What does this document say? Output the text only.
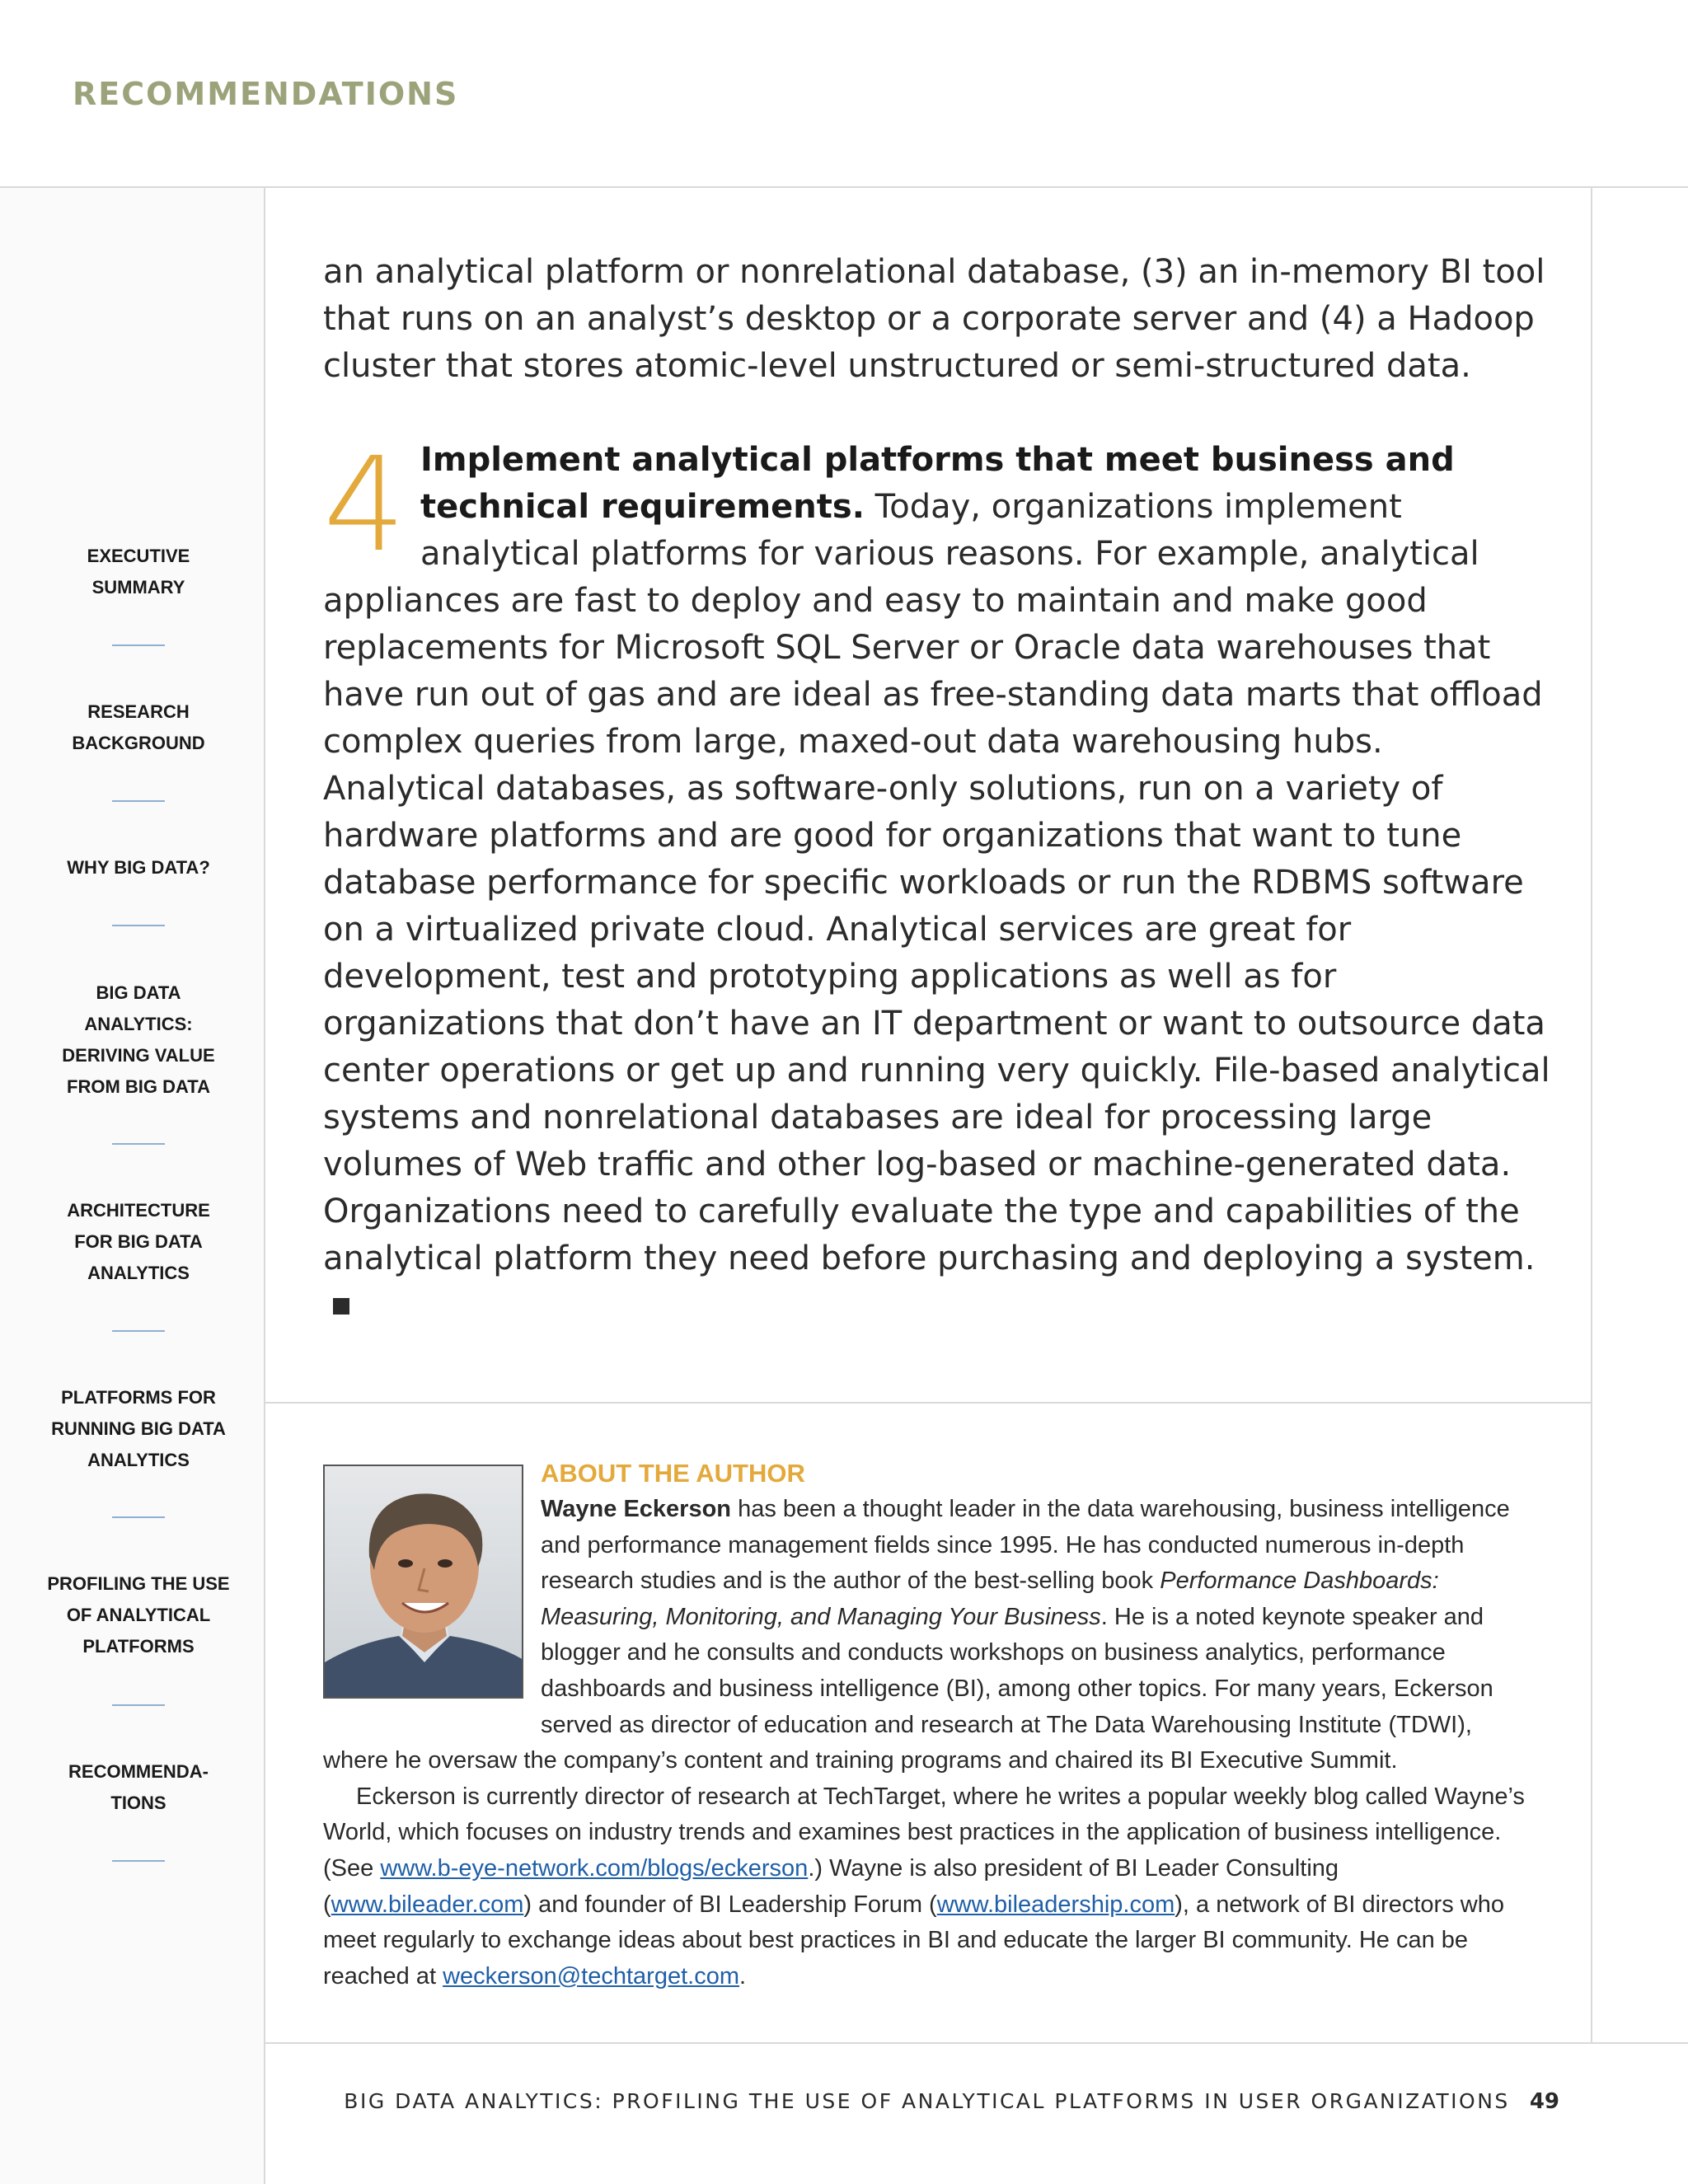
RECOMMENDATIONS
EXECUTIVE
SUMMARY
RESEARCH
BACKGROUND
WHY BIG DATA?
BIG DATA
ANALYTICS:
DERIVING VALUE
FROM BIG DATA
ARCHITECTURE
FOR BIG DATA
ANALYTICS
PLATFORMS FOR
RUNNING BIG DATA
ANALYTICS
PROFILING THE USE
OF ANALYTICAL
PLATFORMS
RECOMMENDA-
TIONS

an analytical platform or nonrelational database, (3) an in-memory BI tool that runs on an analyst’s desktop or a corporate server and (4) a Hadoop cluster that stores atomic-level unstructured or semi-structured data.

4 Implement analytical platforms that meet business and technical requirements. Today, organizations implement analytical platforms for various reasons. For example, analytical appliances are fast to deploy and easy to maintain and make good replacements for Microsoft SQL Server or Oracle data warehouses that have run out of gas and are ideal as free-standing data marts that offload complex queries from large, maxed-out data warehousing hubs. Analytical databases, as software-only solutions, run on a variety of hardware platforms and are good for organizations that want to tune database performance for specific workloads or run the RDBMS software on a virtualized private cloud. Analytical services are great for development, test and prototyping applications as well as for organizations that don’t have an IT department or want to outsource data center operations or get up and running very quickly. File-based analytical systems and nonrelational databases are ideal for processing large volumes of Web traffic and other log-based or machine-generated data. Organizations need to carefully evaluate the type and capabilities of the analytical platform they need before purchasing and deploying a system.
ABOUT THE AUTHOR
Wayne Eckerson has been a thought leader in the data warehousing, business intelligence and performance management fields since 1995. He has conducted numerous in-depth research studies and is the author of the best-selling book Performance Dashboards: Measuring, Monitoring, and Managing Your Business. He is a noted keynote speaker and blogger and he consults and conducts workshops on business analytics, performance dashboards and business intelligence (BI), among other topics. For many years, Eckerson served as director of education and research at The Data Warehousing Institute (TDWI), where he oversaw the company’s content and training programs and chaired its BI Executive Summit.
Eckerson is currently director of research at TechTarget, where he writes a popular weekly blog called Wayne’s World, which focuses on industry trends and examines best practices in the application of business intelligence. (See www.b-eye-network.com/blogs/eckerson.) Wayne is also president of BI Leader Consulting (www.bileader.com) and founder of BI Leadership Forum (www.bileadership.com), a network of BI directors who meet regularly to exchange ideas about best practices in BI and educate the larger BI community. He can be reached at weckerson@techtarget.com.
BIG DATA ANALYTICS: PROFILING THE USE OF ANALYTICAL PLATFORMS IN USER ORGANIZATIONS 49
